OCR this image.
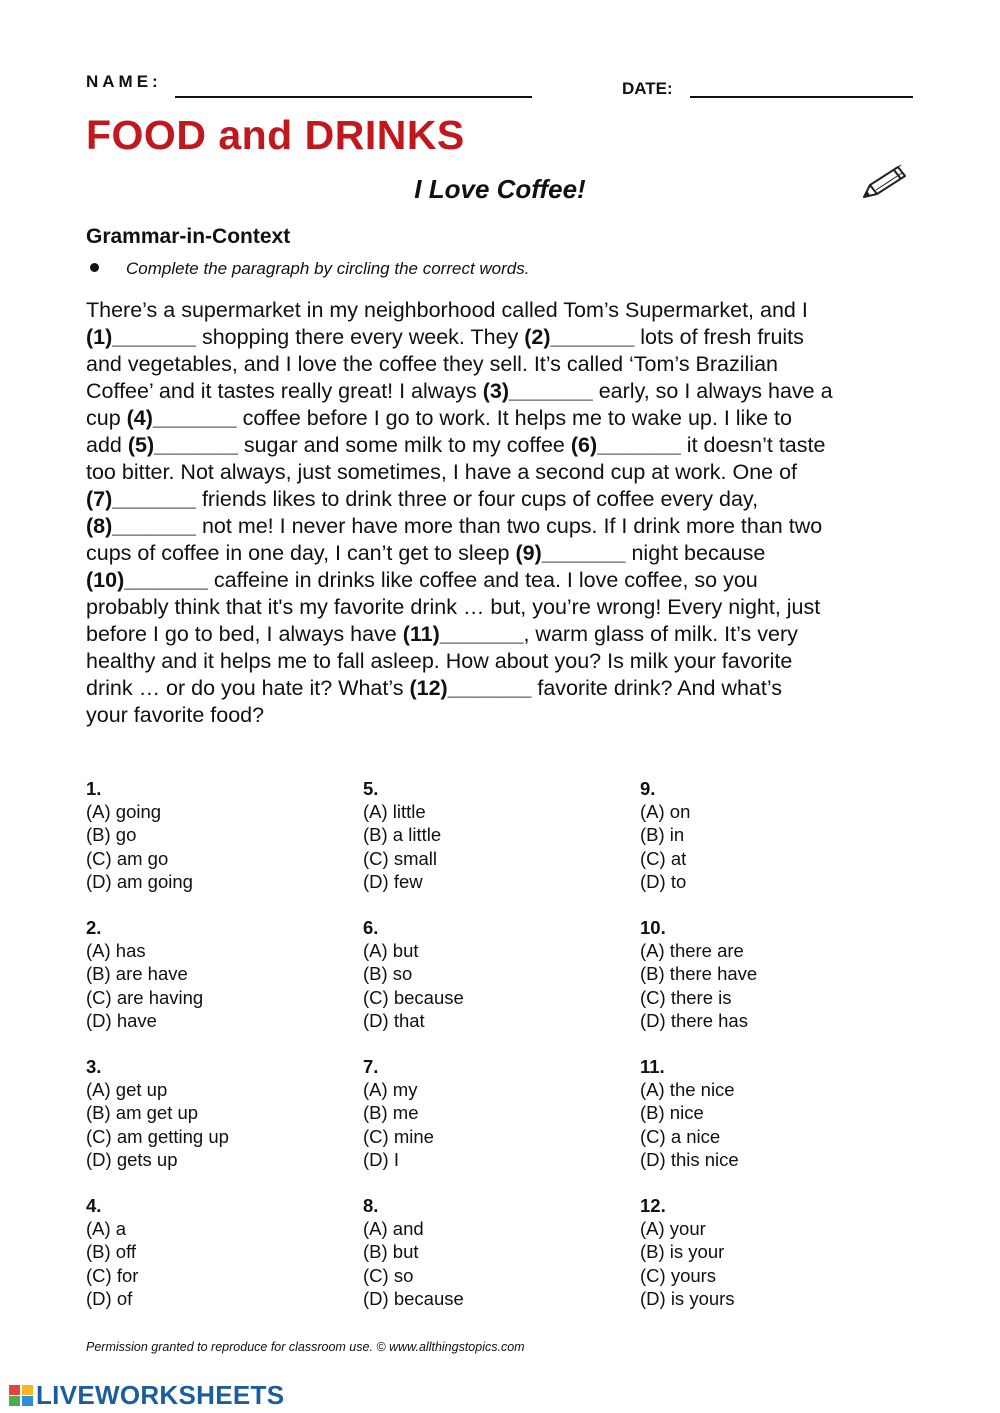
NAME:	DATE:
FOOD and DRINKS
I Love Coffee!
Grammar-in-Context
Complete the paragraph by circling the correct words.
There’s a supermarket in my neighborhood called Tom’s Supermarket, and I
(1)_______ shopping there every week. They (2)_______ lots of fresh fruits
and vegetables, and I love the coffee they sell. It’s called ‘Tom’s Brazilian
Coffee’ and it tastes really great! I always (3)_______ early, so I always have a
cup (4)_______ coffee before I go to work. It helps me to wake up. I like to
add (5)_______ sugar and some milk to my coffee (6)_______ it doesn’t taste
too bitter. Not always, just sometimes, I have a second cup at work. One of
(7)_______ friends likes to drink three or four cups of coffee every day,
(8)_______ not me! I never have more than two cups. If I drink more than two
cups of coffee in one day, I can’t get to sleep (9)_______ night because
(10)_______ caffeine in drinks like coffee and tea. I love coffee, so you
probably think that it's my favorite drink … but, you’re wrong! Every night, just
before I go to bed, I always have (11)_______, warm glass of milk. It’s very
healthy and it helps me to fall asleep. How about you? Is milk your favorite
drink … or do you hate it? What’s (12)_______ favorite drink? And what’s
your favorite food?
1.
(A) going
(B) go
(C) am go
(D) am going
2.
(A) has
(B) are have
(C) are having
(D) have
3.
(A) get up
(B) am get up
(C) am getting up
(D) gets up
4.
(A) a
(B) off
(C) for
(D) of
5.
(A) little
(B) a little
(C) small
(D) few
6.
(A) but
(B) so
(C) because
(D) that
7.
(A) my
(B) me
(C) mine
(D) I
8.
(A) and
(B) but
(C) so
(D) because
9.
(A) on
(B) in
(C) at
(D) to
10.
(A) there are
(B) there have
(C) there is
(D) there has
11.
(A) the nice
(B) nice
(C) a nice
(D) this nice
12.
(A) your
(B) is your
(C) yours
(D) is yours
Permission granted to reproduce for classroom use. © www.allthingstopics.com
LIVEWORKSHEETS
